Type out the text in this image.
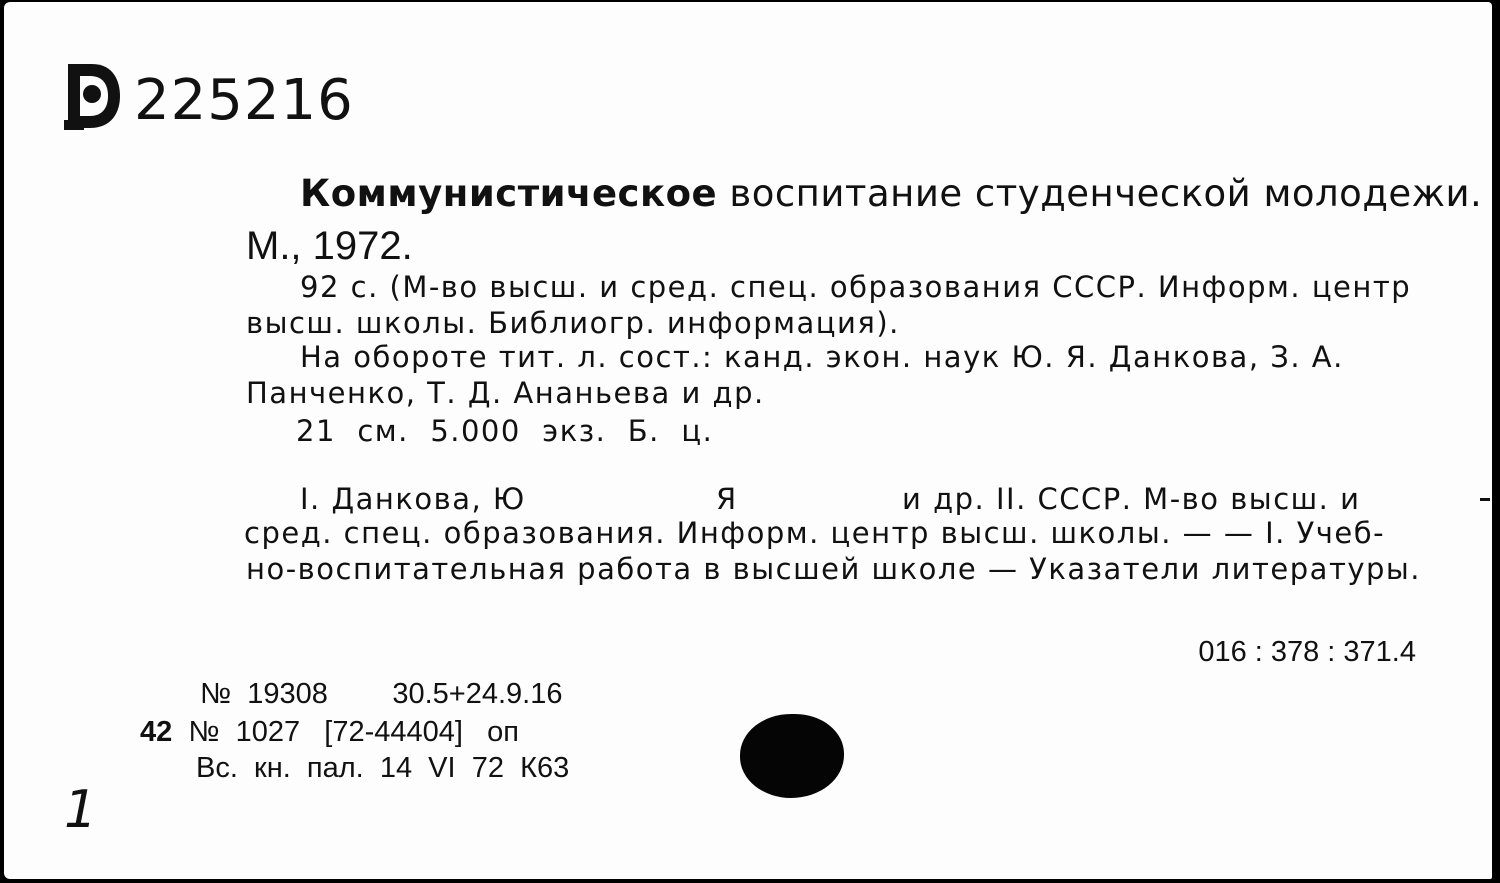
225216
Коммунистическое воспитание студенческой молодежи.
М., 1972.
92 с. (М-во высш. и сред. спец. образования СССР. Информ. центр
высш. школы. Библиогр. информация).
На обороте тит. л. сост.: канд. экон. наук Ю. Я. Данкова, З. А.
Панченко, Т. Д. Ананьева и др.
21  см.  5.000  экз.  Б.  ц.
I. Данкова, Ю	Я	и др. II. СССР. М-во высш. и
сред. спец. образования. Информ. центр высш. школы. — — I. Учеб-
но-воспитательная работа в высшей школе — Указатели литературы.
016 : 378 : 371.4
№  19308        30.5+24.9.16
42 №  1027   [72-44404]   оп
Вс.  кн.  пал.  14  VI  72  К63
1
